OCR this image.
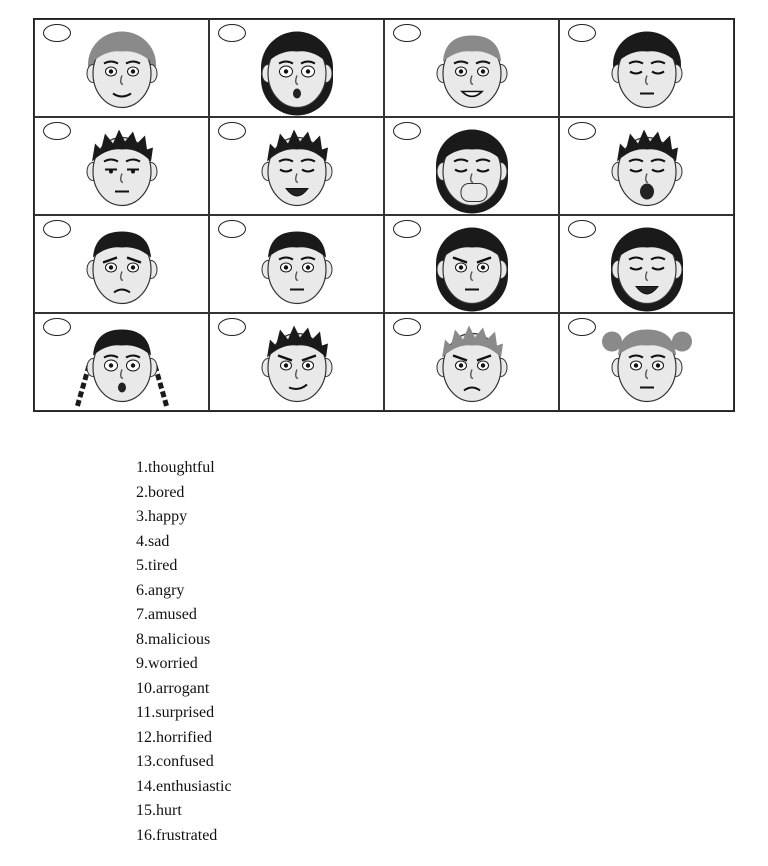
1.thoughtful
2.bored
3.happy
4.sad
5.tired
6.angry
7.amused
8.malicious
9.worried
10.arrogant
11.surprised
12.horrified
13.confused
14.enthusiastic
15.hurt
16.frustrated
